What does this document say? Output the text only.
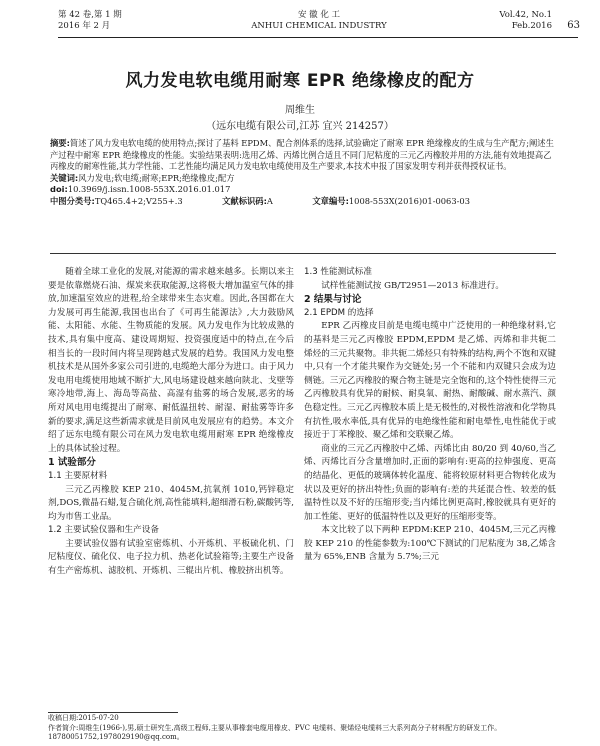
第 42 卷,第 1 期
2016 年 2 月
安 徽 化 工
ANHUI CHEMICAL INDUSTRY
Vol.42, No.1
Feb.2016 63
风力发电软电缆用耐寒 EPR 绝缘橡皮的配方
周维生
（远东电缆有限公司,江苏 宜兴 214257）

摘要:简述了风力发电软电缆的使用特点;探讨了基料 EPDM、配合剂体系的选择,试验确定了耐寒 EPR 绝缘橡皮的生成与生产配方;阐述生产过程中耐寒 EPR 绝缘橡皮的性能。实验结果表明:选用乙烯、丙烯比例合适且不同门尼粘度的三元乙丙橡胶并用的方法,能有效地提高乙丙橡皮的耐寒性能,其力学性能、工艺性能均满足风力发电软电缆使用及生产要求,本技术申报了国家发明专利并获得授权证书。

关键词:风力发电;软电缆;耐寒;EPR;绝缘橡皮;配方

doi:10.3969/j.issn.1008-553X.2016.01.017

中图分类号:TQ465.4+2;V255+.3	文献标识码:A	文章编号:1008-553X(2016)01-0063-03

随着全球工业化的发展,对能源的需求越来越多。长期以来主要是依靠燃烧石油、煤炭来获取能源,这将极大增加温室气体的排放,加速温室效应的进程,给全球带来生态灾难。因此,各国都在大力发展可再生能源,我国也出台了《可再生能源法》,大力鼓励风能、太阳能、水能、生物质能的发展。风力发电作为比较成熟的技术,具有集中度高、建设周期短、投资强度适中的特点,在今后相当长的一段时间内将呈现跨越式发展的趋势。我国风力发电整机技术是从国外多家公司引进的,电缆绝大部分为进口。由于风力发电用电缆使用地域不断扩大,风电场建设越来越向陕北、戈壁等寒冷地带,海上、海岛等高盐、高湿有盐雾的场合发展,恶劣的场所对风电用电缆提出了耐寒、耐低温扭转、耐湿、耐盐雾等许多新的要求,满足这些新需求就是目前风电发展应有的趋势。本文介绍了远东电缆有限公司在风力发电软电缆用耐寒 EPR 绝缘橡皮上的具体试验过程。

1 试验部分

1.1 主要原材料

三元乙丙橡胶 KEP 210、4045M,抗氧剂 1010,钙锌稳定剂,DOS,微晶石蜡,复合硫化剂,高性能填料,超细滑石粉,碳酸钙等,均为市售工业品。

1.2 主要试验仪器和生产设备

主要试验仪器有试验室密炼机、小开炼机、平板硫化机、门尼粘度仪、硫化仪、电子拉力机、热老化试验箱等;主要生产设备有生产密炼机、滤胶机、开炼机、三辊出片机、橡胶挤出机等。

1.3 性能测试标准

试样性能测试按 GB/T2951—2013 标准进行。

2 结果与讨论

2.1 EPDM 的选择

EPR 乙丙橡皮目前是电缆电缆中广泛使用的一种绝缘材料,它的基料是三元乙丙橡胶 EPDM,EPDM 是乙烯、丙烯和非共轭二烯烃的三元共聚物。非共轭二烯烃只有特殊的结构,两个不饱和双键中,只有一个才能共聚作为交链处;另一个不能和内双键只会成为边侧链。三元乙丙橡胶的聚合物主链是完全饱和的,这个特性使得三元乙丙橡胶具有优异的耐候、耐臭氧、耐热、耐酸碱、耐水蒸汽、颜色稳定性。三元乙丙橡胶本质上是无极性的,对极性溶液和化学物具有抗性,吸水率低,具有优异的电绝缘性能和耐电晕性,电性能优于或接近于丁苯橡胶、聚乙烯和交联聚乙烯。

商业的三元乙丙橡胶中乙烯、丙烯比由 80/20 到 40/60,当乙烯、丙烯比百分含量增加时,正面的影响有:更高的拉伸强度、更高的结晶化、更低的玻璃体转化温度、能将较原材料更合物转化成为状以及更好的挤出特性;负面的影响有:差的共延混合性、较差的低温特性以及不好的压缩形变;当内烯比例更高时,橡胶就具有更好的加工性能、更好的低温特性以及更好的压缩形变等。

本文比较了以下两种 EPDM:KEP 210、4045M,三元乙丙橡胶 KEP 210 的性能参数为:100℃下测试的门尼粘度为 38,乙烯含量为 65%,ENB 含量为 5.7%;三元

收稿日期:2015-07-20

作者简介:周维生(1966-),男,硕士研究生,高级工程师,主要从事橡套电缆用橡皮、PVC 电缆料、聚烯烃电缆料三大系列高分子材料配方的研发工作。18780051752,1978029190@qq.com。
